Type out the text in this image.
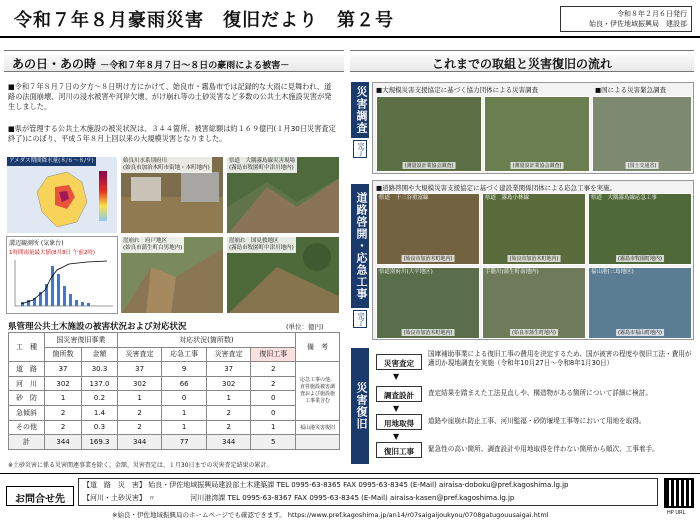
令和７年８月豪雨災害　復旧だより　第２号	令和８年２月６日発行
始良・伊佐地域振興局　建設部
あの日・あの時 －令和７年８月７日～８日の豪雨による被害－
■令和７年８月７日の夕方～８日明け方にかけて、始良市・霧島市では記録的な大雨に見舞われ、道路の法面崩壊、河川の浸水被害や河岸欠壊、がけ崩れ等の土砂災害など多数の公共土木施設災害が発生しました。
■県が管理する公共土木施設の被災状況は、３４４箇所、被害総額は約１６９億円(１月30日災害査定終了)にのぼり、平成５年８月上回以来の大規模災害となりました。
アメダス期間降水量(８/６～８/９)	始良川水系別府川
(始良市加治木町市街地・本町地内)
県道　大隅霧島線災害現場
(霧島市牧園町中津川地内)
溝辺観測所 (気象台)
1時間雨量最大値(8月8日 午前2時)
崖崩れ　府戸地区
(始良市蒲生町白男地内)
崖崩れ　国見救地区
(霧島市牧園町中津川地内)
県管理公共土木施設の被害状況および対応状況	(単位：億円)
工　種	国災害復旧事業		対応状況(箇所数)				備　考
	箇所数	金額	災害査定	応急工事	災害査定	復旧工事	
道　路	37	30.3	37	9	37	2	応急工事の他、直営施設被害調査および施設施工事業含む
河　川	302	137.0	302	66	302	2	
砂　防	1	0.2	1	0	1	0	
急傾斜	2	1.4	2	1	2	0	
その他	2	0.3	2	1	2	1	福山港災害復旧
計	344	169.3	344	77	344	5	
※土砂災害に係る災害関連事業を除く。金額、災害査定は、１月30日までの災害査定結果の累計。
これまでの取組と災害復旧の流れ
災害調査
完了
■大規模災害支援協定に基づく協力団体による災害調査	■国による災害緊急調査
(測量設計業協会調査)	(測量設計業協会調査)	(国土交通省)
道路啓開・応急工事
完了
■道路啓開や大規模災害支援協定に基づく建設業関係団体による応急工事を実施。
県道　十三谷重富線
(始良市加治木町地内)
県道　霧島小林線
(始良市加治木町地内)
県道　大隅霧島線応急工事
(霧島市牧園町地内)
県道別府川(大平地区)
(始良市加治木町地内)
手籠川(蒲生町南地内)
(始良市蒲生町地内)
福山港(三島地区)
(霧島市福山町地内)
災害復旧
災害査定
国庫補助事業による復旧工事の費用を決定するため、国が被害の程度や復旧工法・費用が適切か現地調査を実施（令和年10月27日～令和8年1月30日）
▼
調査設計	査定結果を踏まえた工法見直しや、構造物がある箇所について詳細に検討。
▼
用地取得	道路や崖崩れ防止工事、河川監福・砂防堰堤工事等において用地を取得。
▼
復旧工事	緊急性の高い箇所、調査設計や用地取得を伴わない箇所から順次、工事着手。
お問合せ先
【道　路　災　害】 始良・伊佐地域振興局建設部土木建築課 TEL 0995-63-8365 FAX 0995-63-8345 (E-Mail) airaisa-doboku@pref.kagoshima.lg.jp
【河川・土砂災害】 〃　　　　　河川港湾課 TEL 0995-63-8367 FAX 0995-63-8345 (E-Mail) airaisa-kasen@pref.kagoshima.lg.jp
※始良・伊佐地域振興局のホームページでも確認できます。 https://www.pref.kagoshima.jp/an14/r07saigaijoukyou/0708gatugouusaigai.html	HP URL
